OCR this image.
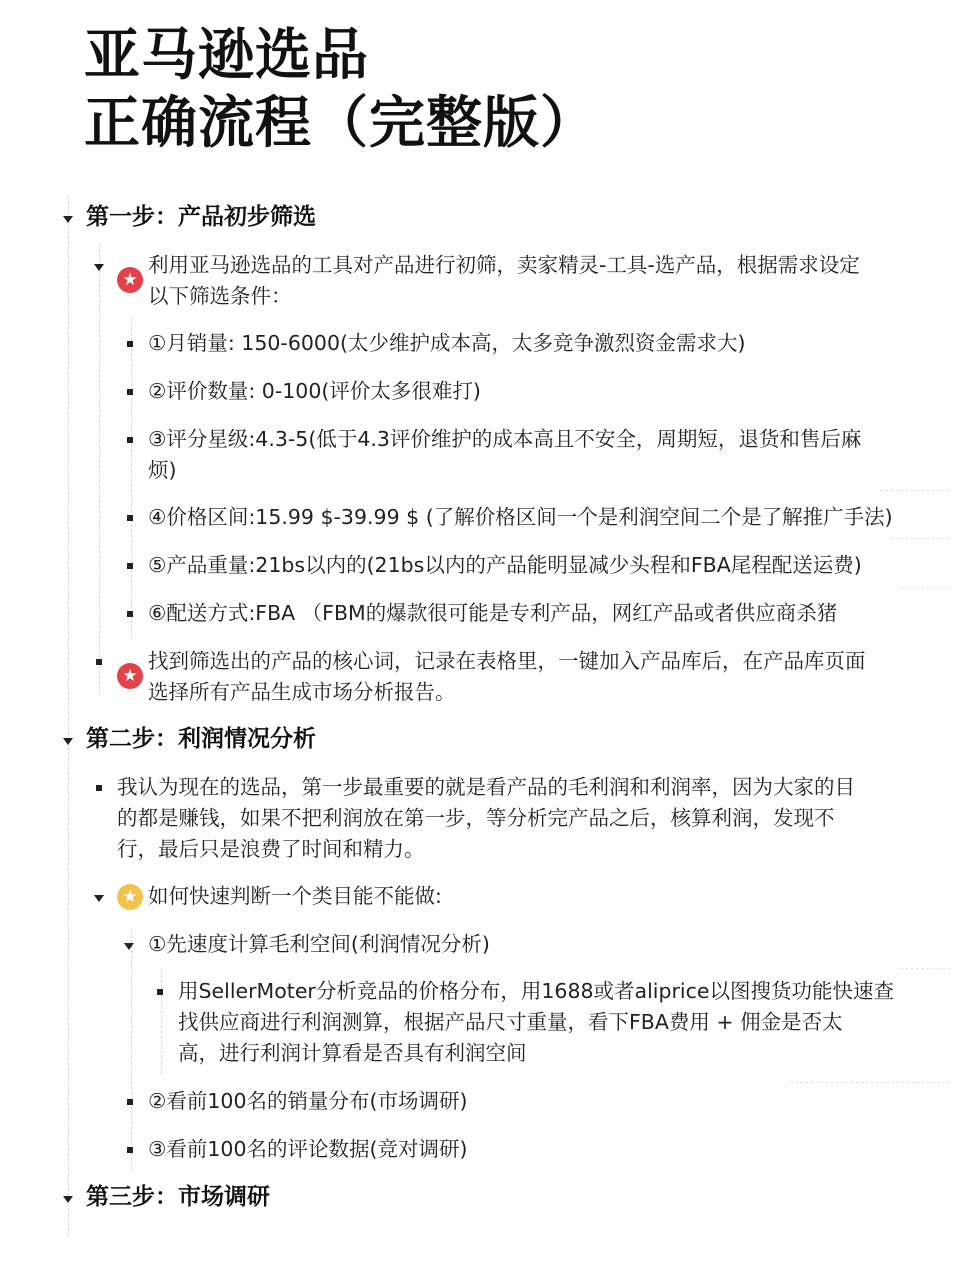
亚马逊选品
正确流程（完整版）
第一步：产品初步筛选
★
利用亚马逊选品的工具对产品进行初筛，卖家精灵-工具-选产品，根据需求设定
以下筛选条件：
①月销量: 150-6000(太少维护成本高，太多竞争激烈资金需求大)
②评价数量: 0-100(评价太多很难打)
③评分星级:4.3-5(低于4.3评价维护的成本高且不安全，周期短，退货和售后麻
烦)
④价格区间:15.99 $-39.99 $ (了解价格区间一个是利润空间二个是了解推广手法)
⑤产品重量:21bs以内的(21bs以内的产品能明显减少头程和FBA尾程配送运费)
⑥配送方式:FBA （FBM的爆款很可能是专利产品，网红产品或者供应商杀猪
★
找到筛选出的产品的核心词，记录在表格里，一键加入产品库后，在产品库页面
选择所有产品生成市场分析报告。
第二步：利润情况分析
我认为现在的选品，第一步最重要的就是看产品的毛利润和利润率，因为大家的目
的都是赚钱，如果不把利润放在第一步，等分析完产品之后，核算利润，发现不
行，最后只是浪费了时间和精力。
★ 如何快速判断一个类目能不能做:
①先速度计算毛利空间(利润情况分析)
用SellerMoter分析竞品的价格分布，用1688或者aliprice以图搜货功能快速查
找供应商进行利润测算，根据产品尺寸重量，看下FBA费用 + 佣金是否太
高，进行利润计算看是否具有利润空间
②看前100名的销量分布(市场调研)
③看前100名的评论数据(竞对调研)
第三步：市场调研
